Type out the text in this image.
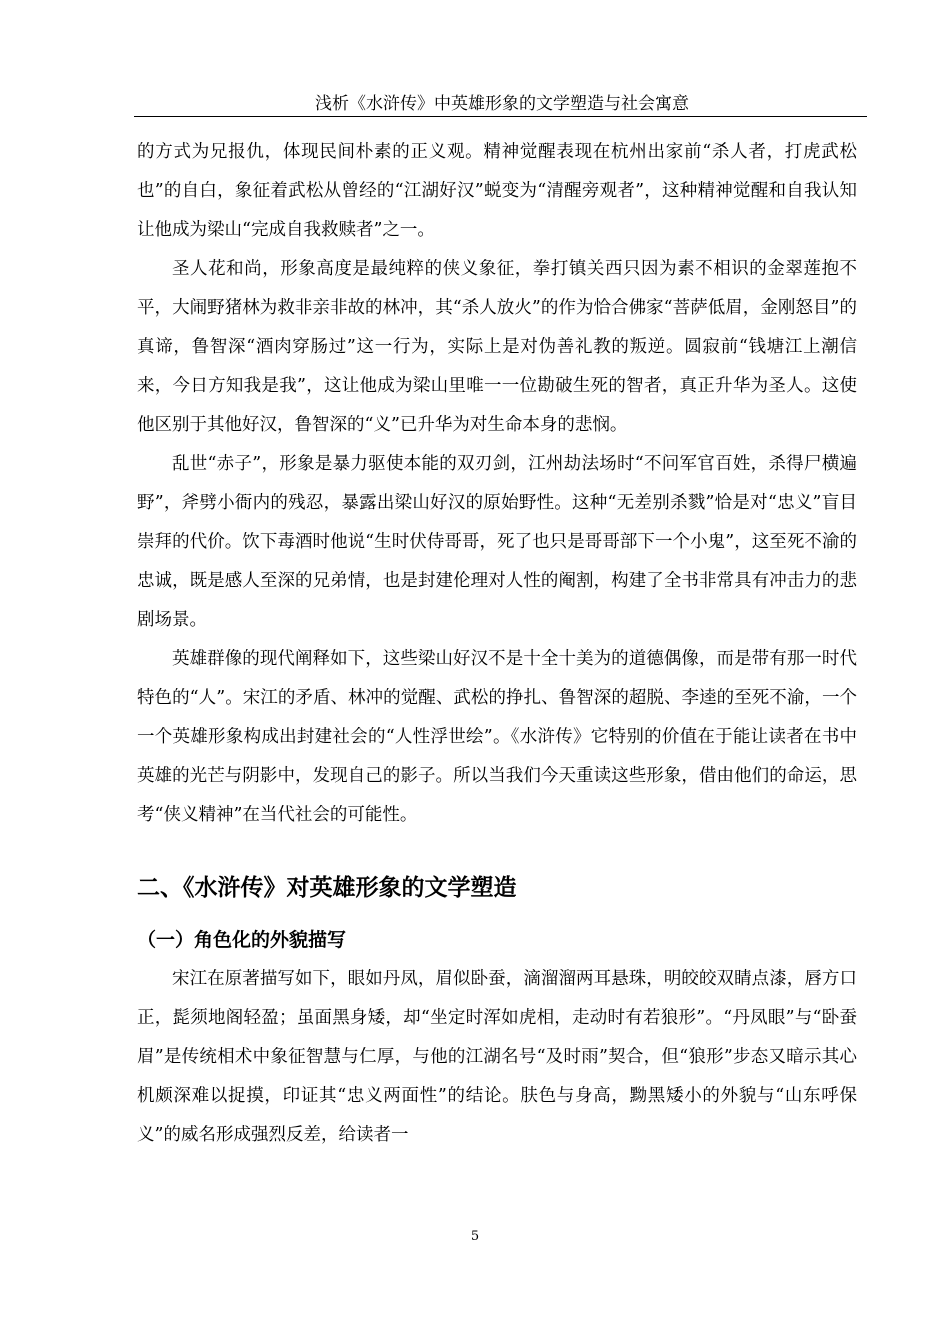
浅析《水浒传》中英雄形象的文学塑造与社会寓意

的方式为兄报仇，体现民间朴素的正义观。精神觉醒表现在杭州出家前“杀人者，打虎武松也”的自白，象征着武松从曾经的“江湖好汉”蜕变为“清醒旁观者”，这种精神觉醒和自我认知让他成为梁山“完成自我救赎者”之一。

圣人花和尚，形象高度是最纯粹的侠义象征，拳打镇关西只因为素不相识的金翠莲抱不平，大闹野猪林为救非亲非故的林冲，其“杀人放火”的作为恰合佛家“菩萨低眉，金刚怒目”的真谛，鲁智深“酒肉穿肠过”这一行为，实际上是对伪善礼教的叛逆。圆寂前“钱塘江上潮信来，今日方知我是我”，这让他成为梁山里唯一一位勘破生死的智者，真正升华为圣人。这使他区别于其他好汉，鲁智深的“义”已升华为对生命本身的悲悯。

乱世“赤子”，形象是暴力驱使本能的双刃剑，江州劫法场时“不问军官百姓，杀得尸横遍野”，斧劈小衙内的残忍，暴露出梁山好汉的原始野性。这种“无差别杀戮”恰是对“忠义”盲目崇拜的代价。饮下毒酒时他说“生时伏侍哥哥，死了也只是哥哥部下一个小鬼”，这至死不渝的忠诚，既是感人至深的兄弟情，也是封建伦理对人性的阉割，构建了全书非常具有冲击力的悲剧场景。

英雄群像的现代阐释如下，这些梁山好汉不是十全十美为的道德偶像，而是带有那一时代特色的“人”。宋江的矛盾、林冲的觉醒、武松的挣扎、鲁智深的超脱、李逵的至死不渝，一个一个英雄形象构成出封建社会的“人性浮世绘”。《水浒传》它特别的价值在于能让读者在书中英雄的光芒与阴影中，发现自己的影子。所以当我们今天重读这些形象，借由他们的命运，思考“侠义精神”在当代社会的可能性。

二、《水浒传》对英雄形象的文学塑造
（一）角色化的外貌描写

宋江在原著描写如下，眼如丹凤，眉似卧蚕，滴溜溜两耳悬珠，明皎皎双睛点漆，唇方口正，髭须地阁轻盈；虽面黑身矮，却“坐定时浑如虎相，走动时有若狼形”。“丹凤眼”与“卧蚕眉”是传统相术中象征智慧与仁厚，与他的江湖名号“及时雨”契合，但“狼形”步态又暗示其心机颇深难以捉摸，印证其“忠义两面性”的结论。肤色与身高，黝黑矮小的外貌与“山东呼保义”的威名形成强烈反差，给读者一

5
